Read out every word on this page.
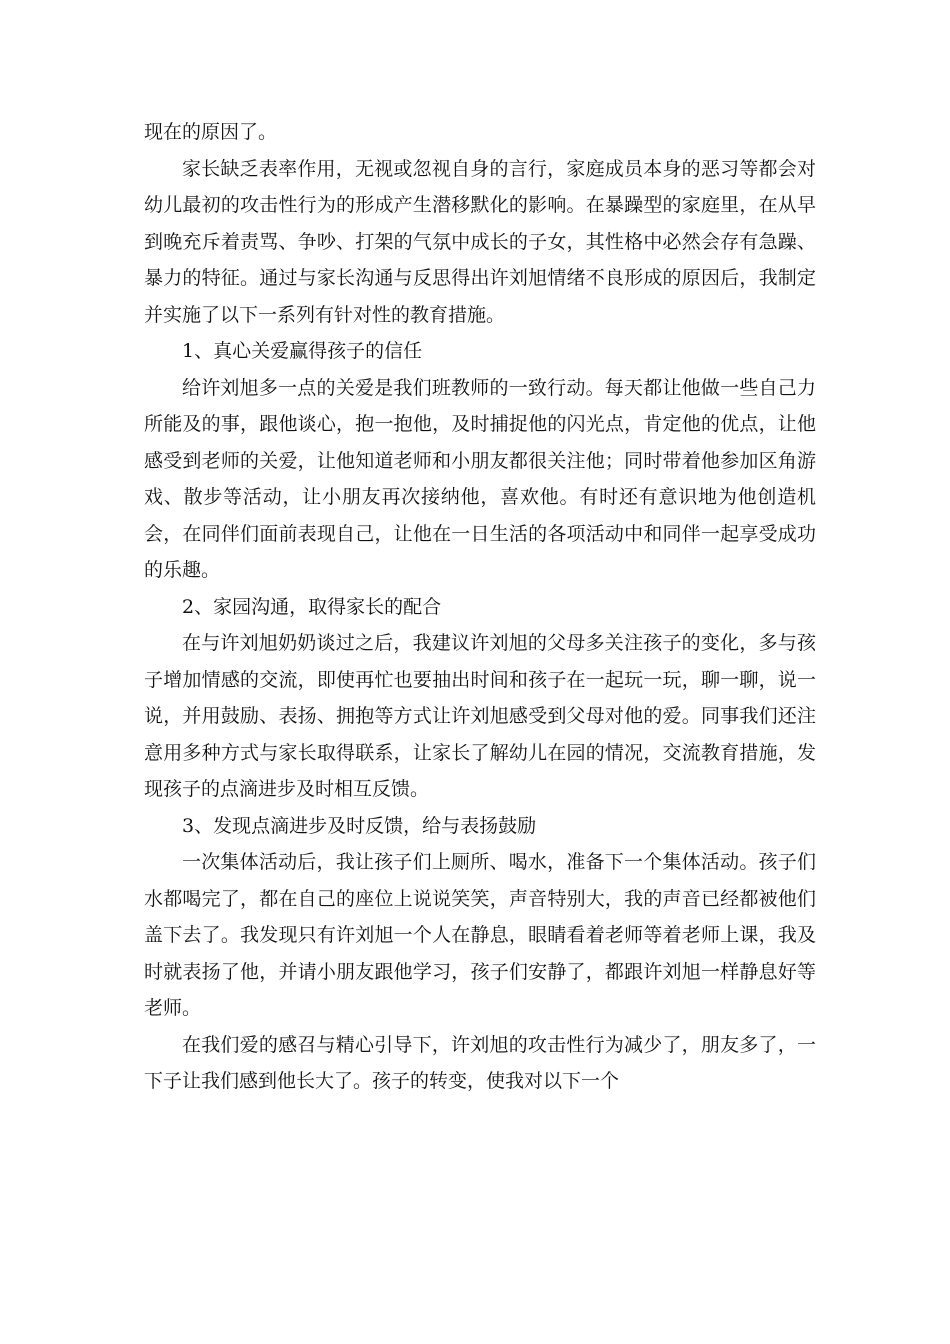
现在的原因了。

家长缺乏表率作用，无视或忽视自身的言行，家庭成员本身的恶习等都会对幼儿最初的攻击性行为的形成产生潜移默化的影响。在暴躁型的家庭里，在从早到晚充斥着责骂、争吵、打架的气氛中成长的子女，其性格中必然会存有急躁、暴力的特征。通过与家长沟通与反思得出许刘旭情绪不良形成的原因后，我制定并实施了以下一系列有针对性的教育措施。

1、真心关爱赢得孩子的信任

给许刘旭多一点的关爱是我们班教师的一致行动。每天都让他做一些自己力所能及的事，跟他谈心，抱一抱他，及时捕捉他的闪光点，肯定他的优点，让他感受到老师的关爱，让他知道老师和小朋友都很关注他；同时带着他参加区角游戏、散步等活动，让小朋友再次接纳他，喜欢他。有时还有意识地为他创造机会，在同伴们面前表现自己，让他在一日生活的各项活动中和同伴一起享受成功的乐趣。

2、家园沟通，取得家长的配合

在与许刘旭奶奶谈过之后，我建议许刘旭的父母多关注孩子的变化，多与孩子增加情感的交流，即使再忙也要抽出时间和孩子在一起玩一玩，聊一聊，说一说，并用鼓励、表扬、拥抱等方式让许刘旭感受到父母对他的爱。同事我们还注意用多种方式与家长取得联系，让家长了解幼儿在园的情况，交流教育措施，发现孩子的点滴进步及时相互反馈。

3、发现点滴进步及时反馈，给与表扬鼓励

一次集体活动后，我让孩子们上厕所、喝水，准备下一个集体活动。孩子们水都喝完了，都在自己的座位上说说笑笑，声音特别大，我的声音已经都被他们盖下去了。我发现只有许刘旭一个人在静息，眼睛看着老师等着老师上课，我及时就表扬了他，并请小朋友跟他学习，孩子们安静了，都跟许刘旭一样静息好等老师。

在我们爱的感召与精心引导下，许刘旭的攻击性行为减少了，朋友多了，一下子让我们感到他长大了。孩子的转变，使我对以下一个
